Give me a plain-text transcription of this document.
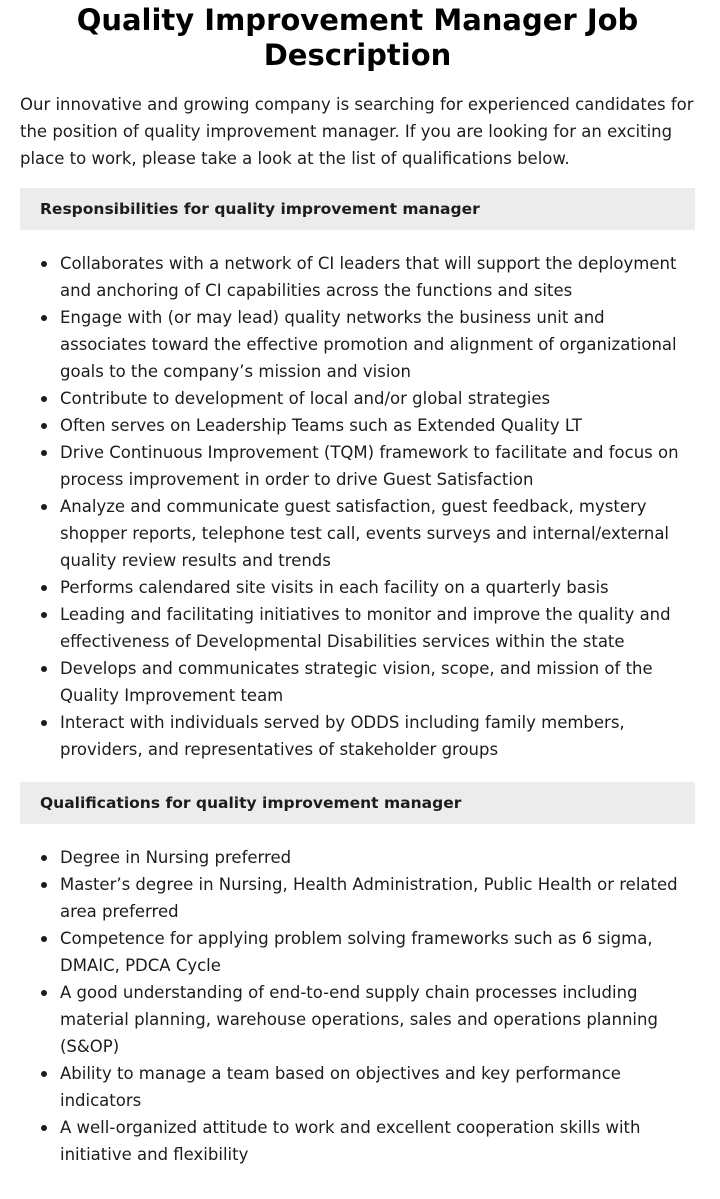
Quality Improvement Manager Job Description

Our innovative and growing company is searching for experienced candidates for the position of quality improvement manager. If you are looking for an exciting place to work, please take a look at the list of qualifications below.

Responsibilities for quality improvement manager
Collaborates with a network of CI leaders that will support the deployment and anchoring of CI capabilities across the functions and sites
Engage with (or may lead) quality networks the business unit and associates toward the effective promotion and alignment of organizational goals to the company’s mission and vision
Contribute to development of local and/or global strategies
Often serves on Leadership Teams such as Extended Quality LT
Drive Continuous Improvement (TQM) framework to facilitate and focus on process improvement in order to drive Guest Satisfaction
Analyze and communicate guest satisfaction, guest feedback, mystery shopper reports, telephone test call, events surveys and internal/external quality review results and trends
Performs calendared site visits in each facility on a quarterly basis
Leading and facilitating initiatives to monitor and improve the quality and effectiveness of Developmental Disabilities services within the state
Develops and communicates strategic vision, scope, and mission of the Quality Improvement team
Interact with individuals served by ODDS including family members, providers, and representatives of stakeholder groups
Qualifications for quality improvement manager
Degree in Nursing preferred
Master’s degree in Nursing, Health Administration, Public Health or related area preferred
Competence for applying problem solving frameworks such as 6 sigma, DMAIC, PDCA Cycle
A good understanding of end-to-end supply chain processes including material planning, warehouse operations, sales and operations planning (S&OP)
Ability to manage a team based on objectives and key performance indicators
A well-organized attitude to work and excellent cooperation skills with initiative and flexibility
